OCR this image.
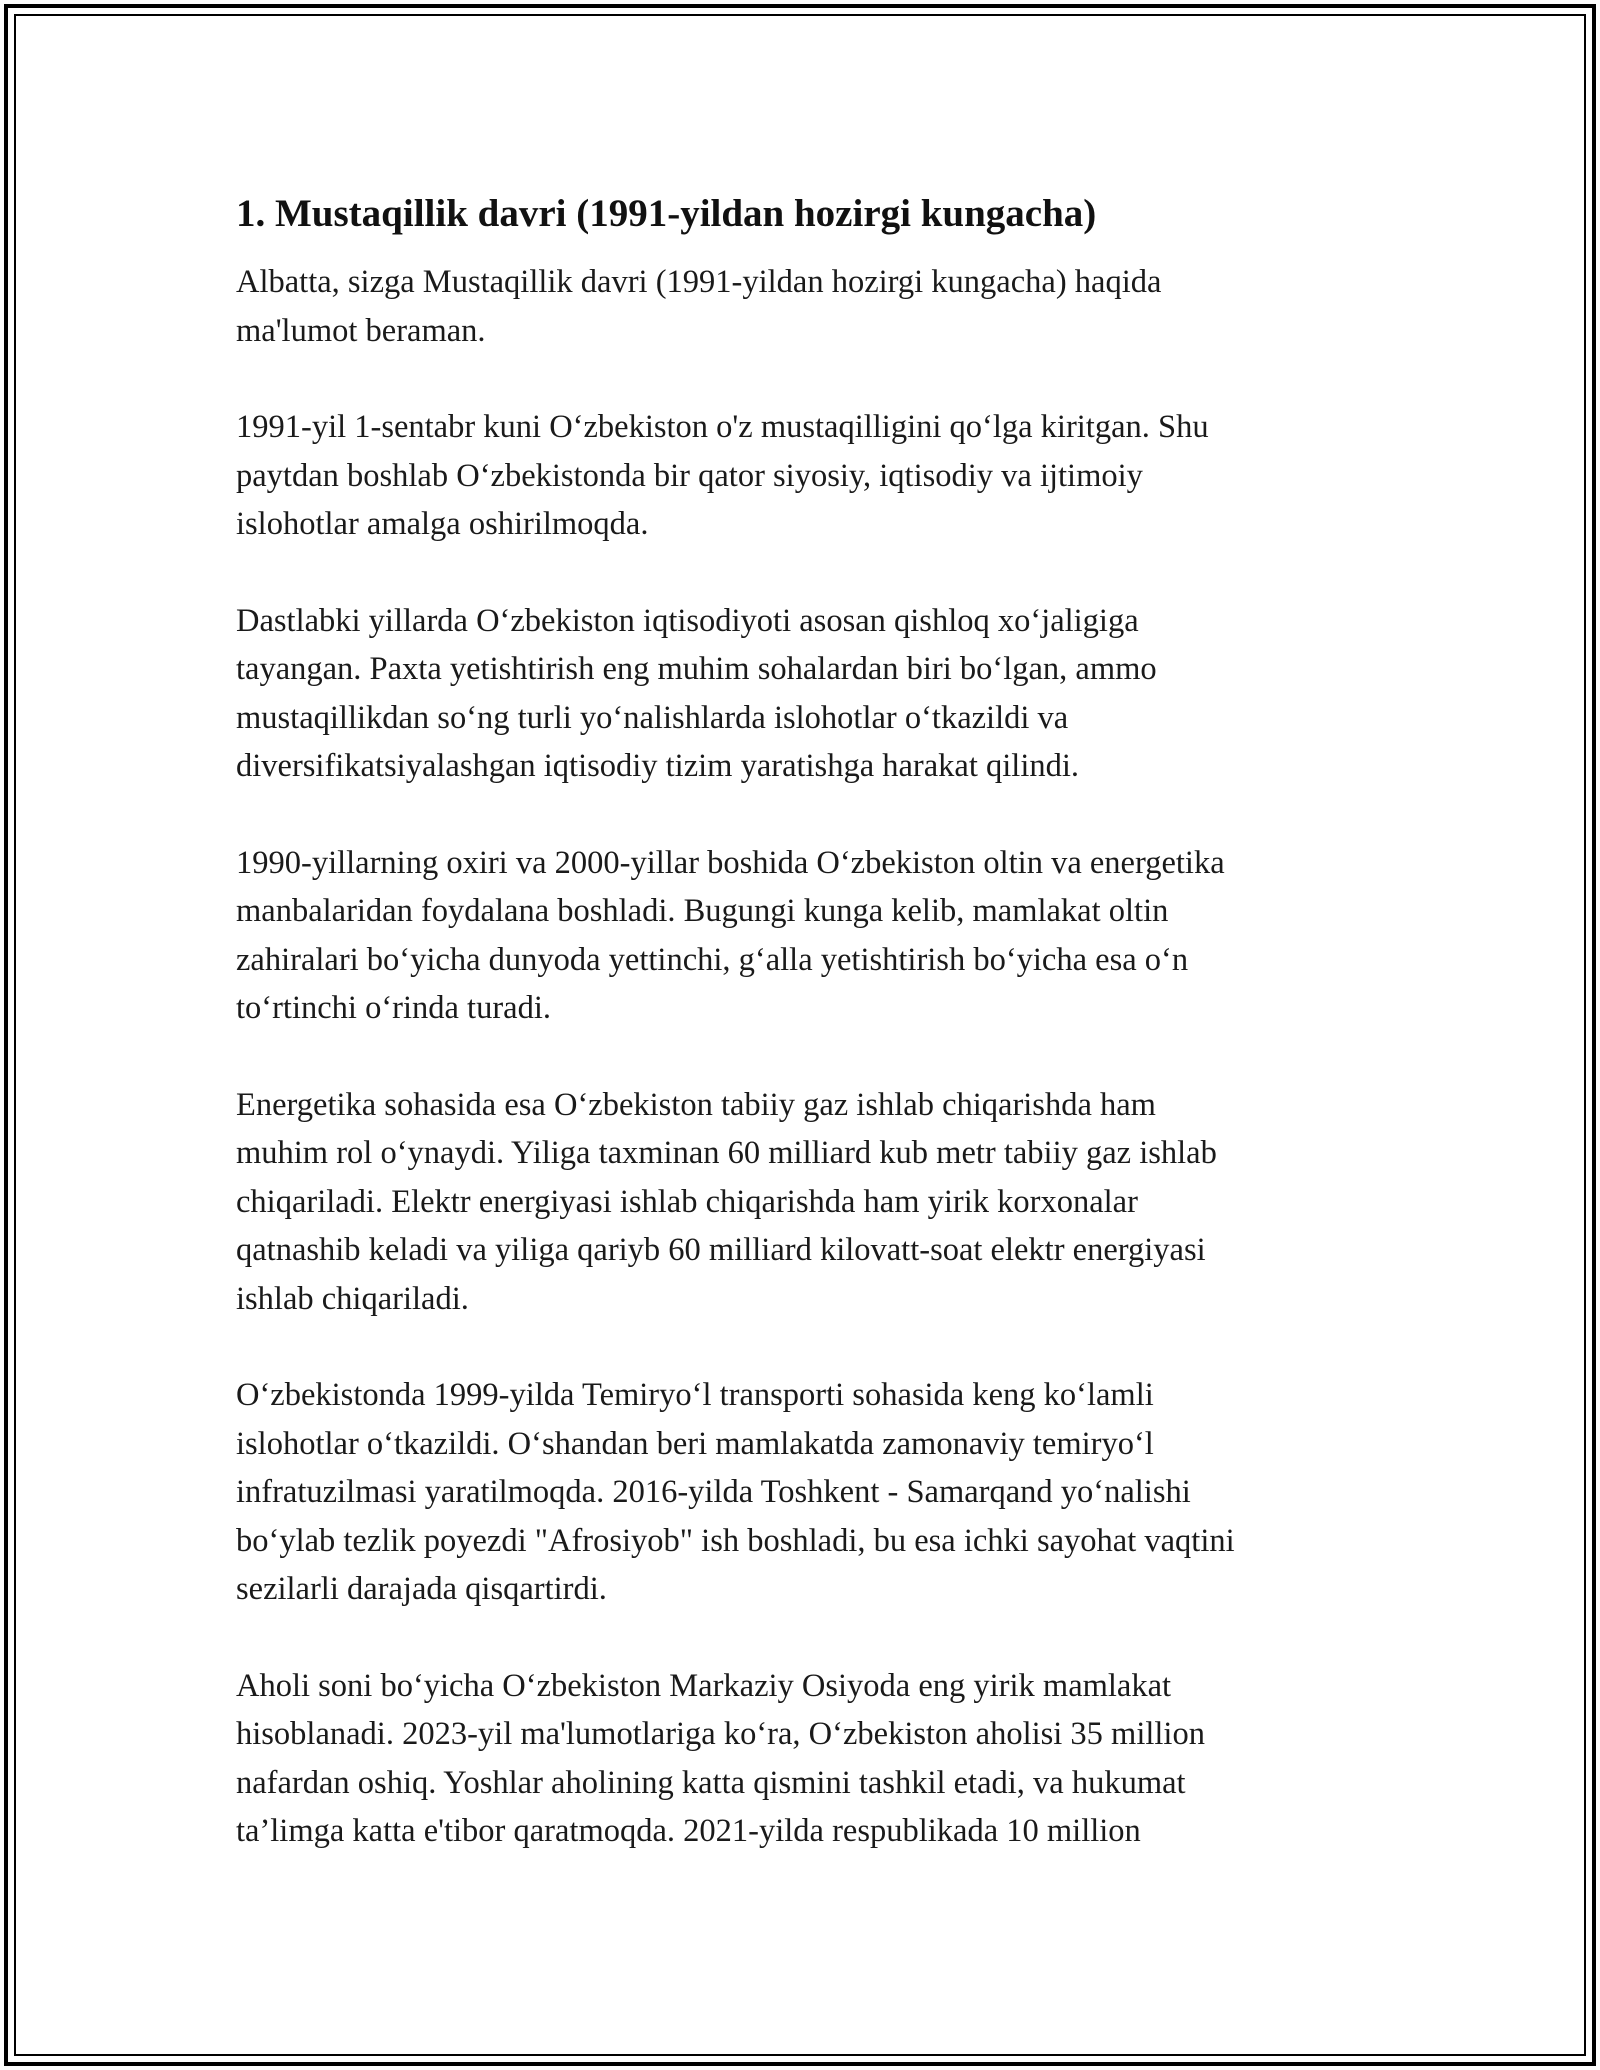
1. Mustaqillik davri (1991-yildan hozirgi kungacha)

Albatta, sizga Mustaqillik davri (1991-yildan hozirgi kungacha) haqida
ma'lumot beraman.

1991-yil 1-sentabr kuni O‘zbekiston o'z mustaqilligini qo‘lga kiritgan. Shu
paytdan boshlab O‘zbekistonda bir qator siyosiy, iqtisodiy va ijtimoiy
islohotlar amalga oshirilmoqda.

Dastlabki yillarda O‘zbekiston iqtisodiyoti asosan qishloq xo‘jaligiga
tayangan. Paxta yetishtirish eng muhim sohalardan biri bo‘lgan, ammo
mustaqillikdan so‘ng turli yo‘nalishlarda islohotlar o‘tkazildi va
diversifikatsiyalashgan iqtisodiy tizim yaratishga harakat qilindi.

1990-yillarning oxiri va 2000-yillar boshida O‘zbekiston oltin va energetika
manbalaridan foydalana boshladi. Bugungi kunga kelib, mamlakat oltin
zahiralari bo‘yicha dunyoda yettinchi, g‘alla yetishtirish bo‘yicha esa o‘n
to‘rtinchi o‘rinda turadi.

Energetika sohasida esa O‘zbekiston tabiiy gaz ishlab chiqarishda ham
muhim rol o‘ynaydi. Yiliga taxminan 60 milliard kub metr tabiiy gaz ishlab
chiqariladi. Elektr energiyasi ishlab chiqarishda ham yirik korxonalar
qatnashib keladi va yiliga qariyb 60 milliard kilovatt-soat elektr energiyasi
ishlab chiqariladi.

O‘zbekistonda 1999-yilda Temiryo‘l transporti sohasida keng ko‘lamli
islohotlar o‘tkazildi. O‘shandan beri mamlakatda zamonaviy temiryo‘l
infratuzilmasi yaratilmoqda. 2016-yilda Toshkent - Samarqand yo‘nalishi
bo‘ylab tezlik poyezdi "Afrosiyob" ish boshladi, bu esa ichki sayohat vaqtini
sezilarli darajada qisqartirdi.

Aholi soni bo‘yicha O‘zbekiston Markaziy Osiyoda eng yirik mamlakat
hisoblanadi. 2023-yil ma'lumotlariga ko‘ra, O‘zbekiston aholisi 35 million
nafardan oshiq. Yoshlar aholining katta qismini tashkil etadi, va hukumat
ta’limga katta e'tibor qaratmoqda. 2021-yilda respublikada 10 million
